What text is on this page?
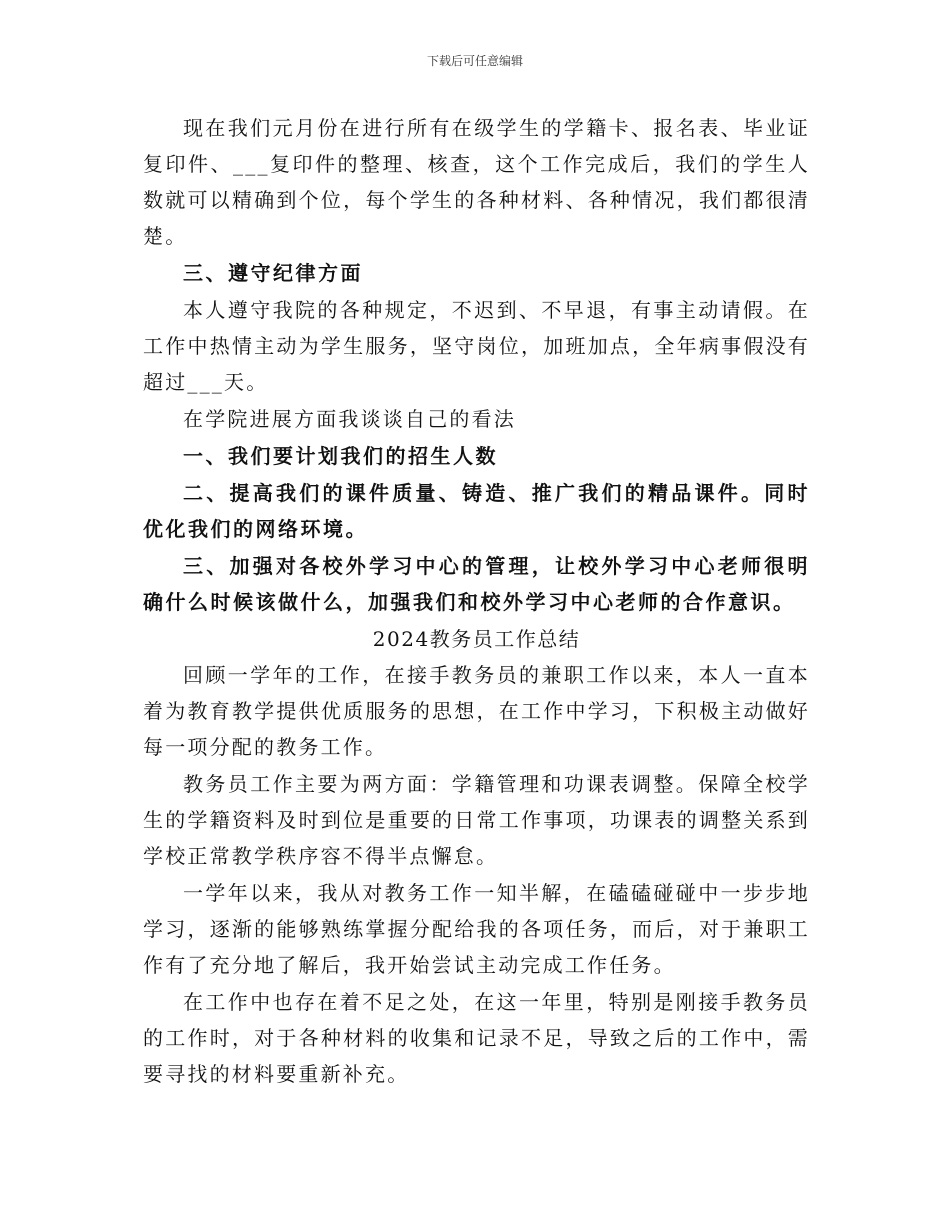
下载后可任意编辑

现在我们元月份在进行所有在级学生的学籍卡、报名表、毕业证复印件、___复印件的整理、核查，这个工作完成后，我们的学生人数就可以精确到个位，每个学生的各种材料、各种情况，我们都很清楚。

三、遵守纪律方面

本人遵守我院的各种规定，不迟到、不早退，有事主动请假。在工作中热情主动为学生服务，坚守岗位，加班加点，全年病事假没有超过___天。

在学院进展方面我谈谈自己的看法

一、我们要计划我们的招生人数

二、提高我们的课件质量、铸造、推广我们的精品课件。同时优化我们的网络环境。

三、加强对各校外学习中心的管理，让校外学习中心老师很明确什么时候该做什么，加强我们和校外学习中心老师的合作意识。

2024教务员工作总结

回顾一学年的工作，在接手教务员的兼职工作以来，本人一直本着为教育教学提供优质服务的思想，在工作中学习，下积极主动做好每一项分配的教务工作。

教务员工作主要为两方面：学籍管理和功课表调整。保障全校学生的学籍资料及时到位是重要的日常工作事项，功课表的调整关系到学校正常教学秩序容不得半点懈怠。

一学年以来，我从对教务工作一知半解，在磕磕碰碰中一步步地学习，逐渐的能够熟练掌握分配给我的各项任务，而后，对于兼职工作有了充分地了解后，我开始尝试主动完成工作任务。

在工作中也存在着不足之处，在这一年里，特别是刚接手教务员的工作时，对于各种材料的收集和记录不足，导致之后的工作中，需要寻找的材料要重新补充。
